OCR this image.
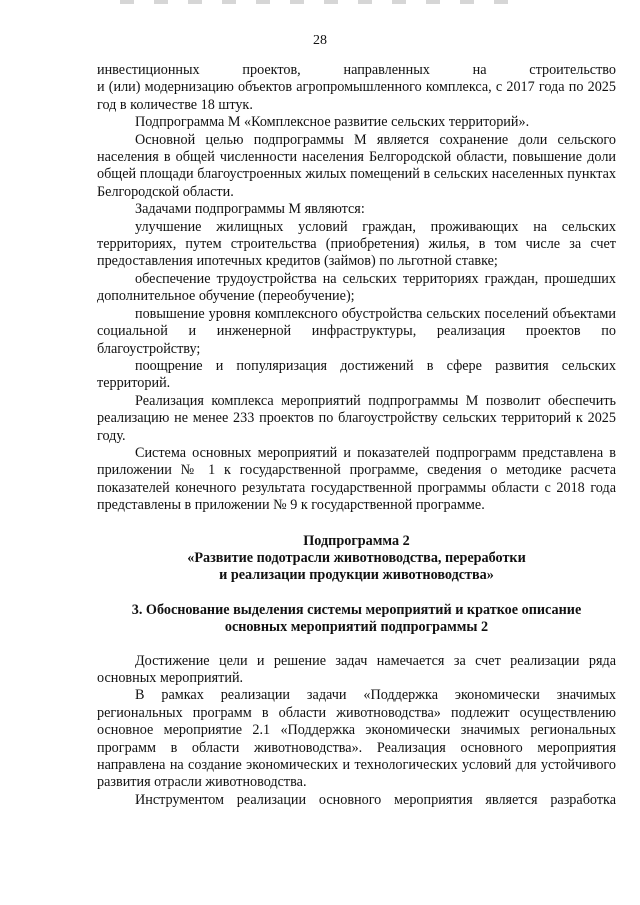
28

инвестиционных проектов, направленных на строительство

и (или) модернизацию объектов агропромышленного комплекса, с 2017 года по 2025 год в количестве 18 штук.

Подпрограмма М «Комплексное развитие сельских территорий».

Основной целью подпрограммы М является сохранение доли сельского населения в общей численности населения Белгородской области, повышение доли общей площади благоустроенных жилых помещений в сельских населенных пунктах Белгородской области.

Задачами подпрограммы М являются:

улучшение жилищных условий граждан, проживающих на сельских территориях, путем строительства (приобретения) жилья, в том числе за счет предоставления ипотечных кредитов (займов) по льготной ставке;

обеспечение трудоустройства на сельских территориях граждан, прошедших дополнительное обучение (переобучение);

повышение уровня комплексного обустройства сельских поселений объектами социальной и инженерной инфраструктуры, реализация проектов по благоустройству;

поощрение и популяризация достижений в сфере развития сельских территорий.

Реализация комплекса мероприятий подпрограммы М позволит обеспечить реализацию не менее 233 проектов по благоустройству сельских территорий к 2025 году.

Система основных мероприятий и показателей подпрограмм представлена в приложении № 1 к государственной программе, сведения о методике расчета показателей конечного результата государственной программы области с 2018 года представлены в приложении № 9 к государственной программе.

Подпрограмма 2

«Развитие подотрасли животноводства, переработки

и реализации продукции животноводства»

3. Обоснование выделения системы мероприятий и краткое описание

основных мероприятий подпрограммы 2

Достижение цели и решение задач намечается за счет реализации ряда основных мероприятий.

В рамках реализации задачи «Поддержка экономически значимых региональных программ в области животноводства» подлежит осуществлению основное мероприятие 2.1 «Поддержка экономически значимых региональных программ в области животноводства». Реализация основного мероприятия направлена на создание экономических и технологических условий для устойчивого развития отрасли животноводства.

Инструментом реализации основного мероприятия является разработка
